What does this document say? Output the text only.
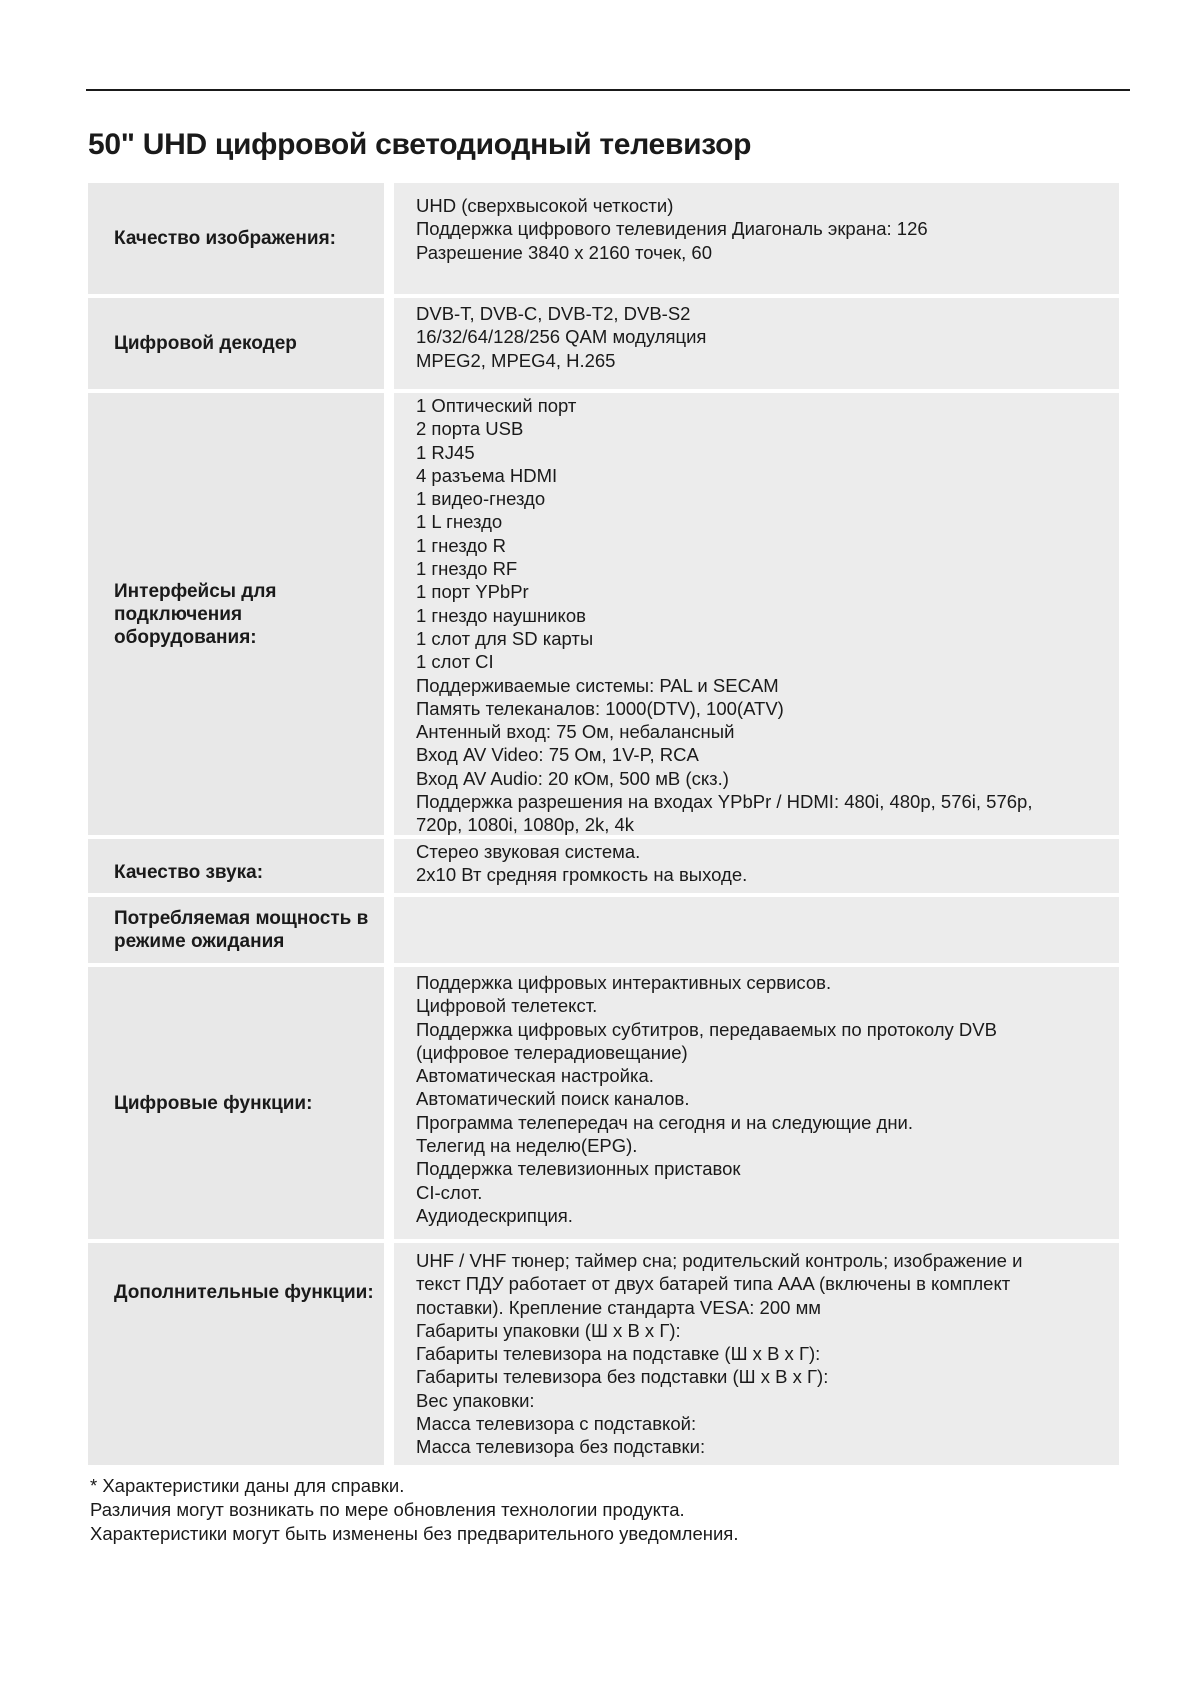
50" UHD цифровой светодиодный телевизор
Качество изображения:
UHD (сверхвысокой четкости)
Поддержка цифрового телевидения Диагональ экрана: 126
Разрешение 3840 х 2160 точек, 60
Цифровой декодер
DVB-T, DVB-C, DVB-T2, DVB-S2
16/32/64/128/256 QAM модуляция
MPEG2, MPEG4, H.265
Интерфейсы для подключения оборудования:
1 Оптический порт
2 порта USB
1 RJ45
4 разъема HDMI
1 видео-гнездо
1 L гнездо
1 гнездо R
1 гнездо RF
1 порт YPbPr
1 гнездо наушников
1 слот для SD карты
1 слот CI
Поддерживаемые системы: PAL и SECAM
Память телеканалов: 1000(DTV), 100(ATV)
Антенный вход: 75 Ом, небалансный
Вход AV Video: 75 Ом, 1V-P, RCA
Вход AV Audio: 20 кОм, 500 мВ (скз.)
Поддержка разрешения на входах YPbPr / HDMI: 480i, 480p, 576i, 576p,
720p, 1080i, 1080p, 2k, 4k
Качество звука:
Стерео звуковая система.
2x10 Вт средняя громкость на выходе.
Потребляемая мощность в режиме ожидания
Цифровые функции:
Поддержка цифровых интерактивных сервисов.
Цифровой телетекст.
Поддержка цифровых субтитров, передаваемых по протоколу DVB
(цифровое телерадиовещание)
Автоматическая настройка.
Автоматический поиск каналов.
Программа телепередач на сегодня и на следующие дни.
Телегид на неделю(EPG).
Поддержка телевизионных приставок
CI-слот.
Аудиодескрипция.
Дополнительные функции:
UHF / VHF тюнер; таймер сна; родительский контроль; изображение и
текст ПДУ работает от двух батарей типа AAA (включены в комплект
поставки). Крепление стандарта VESA: 200 мм
Габариты упаковки (Ш х В х Г):
Габариты телевизора на подставке (Ш х В х Г):
Габариты телевизора без подставки (Ш х В х Г):
Вес упаковки:
Масса телевизора с подставкой:
Масса телевизора без подставки:
* Характеристики даны для справки.
Различия могут возникать по мере обновления технологии продукта.
Характеристики могут быть изменены без предварительного уведомления.
